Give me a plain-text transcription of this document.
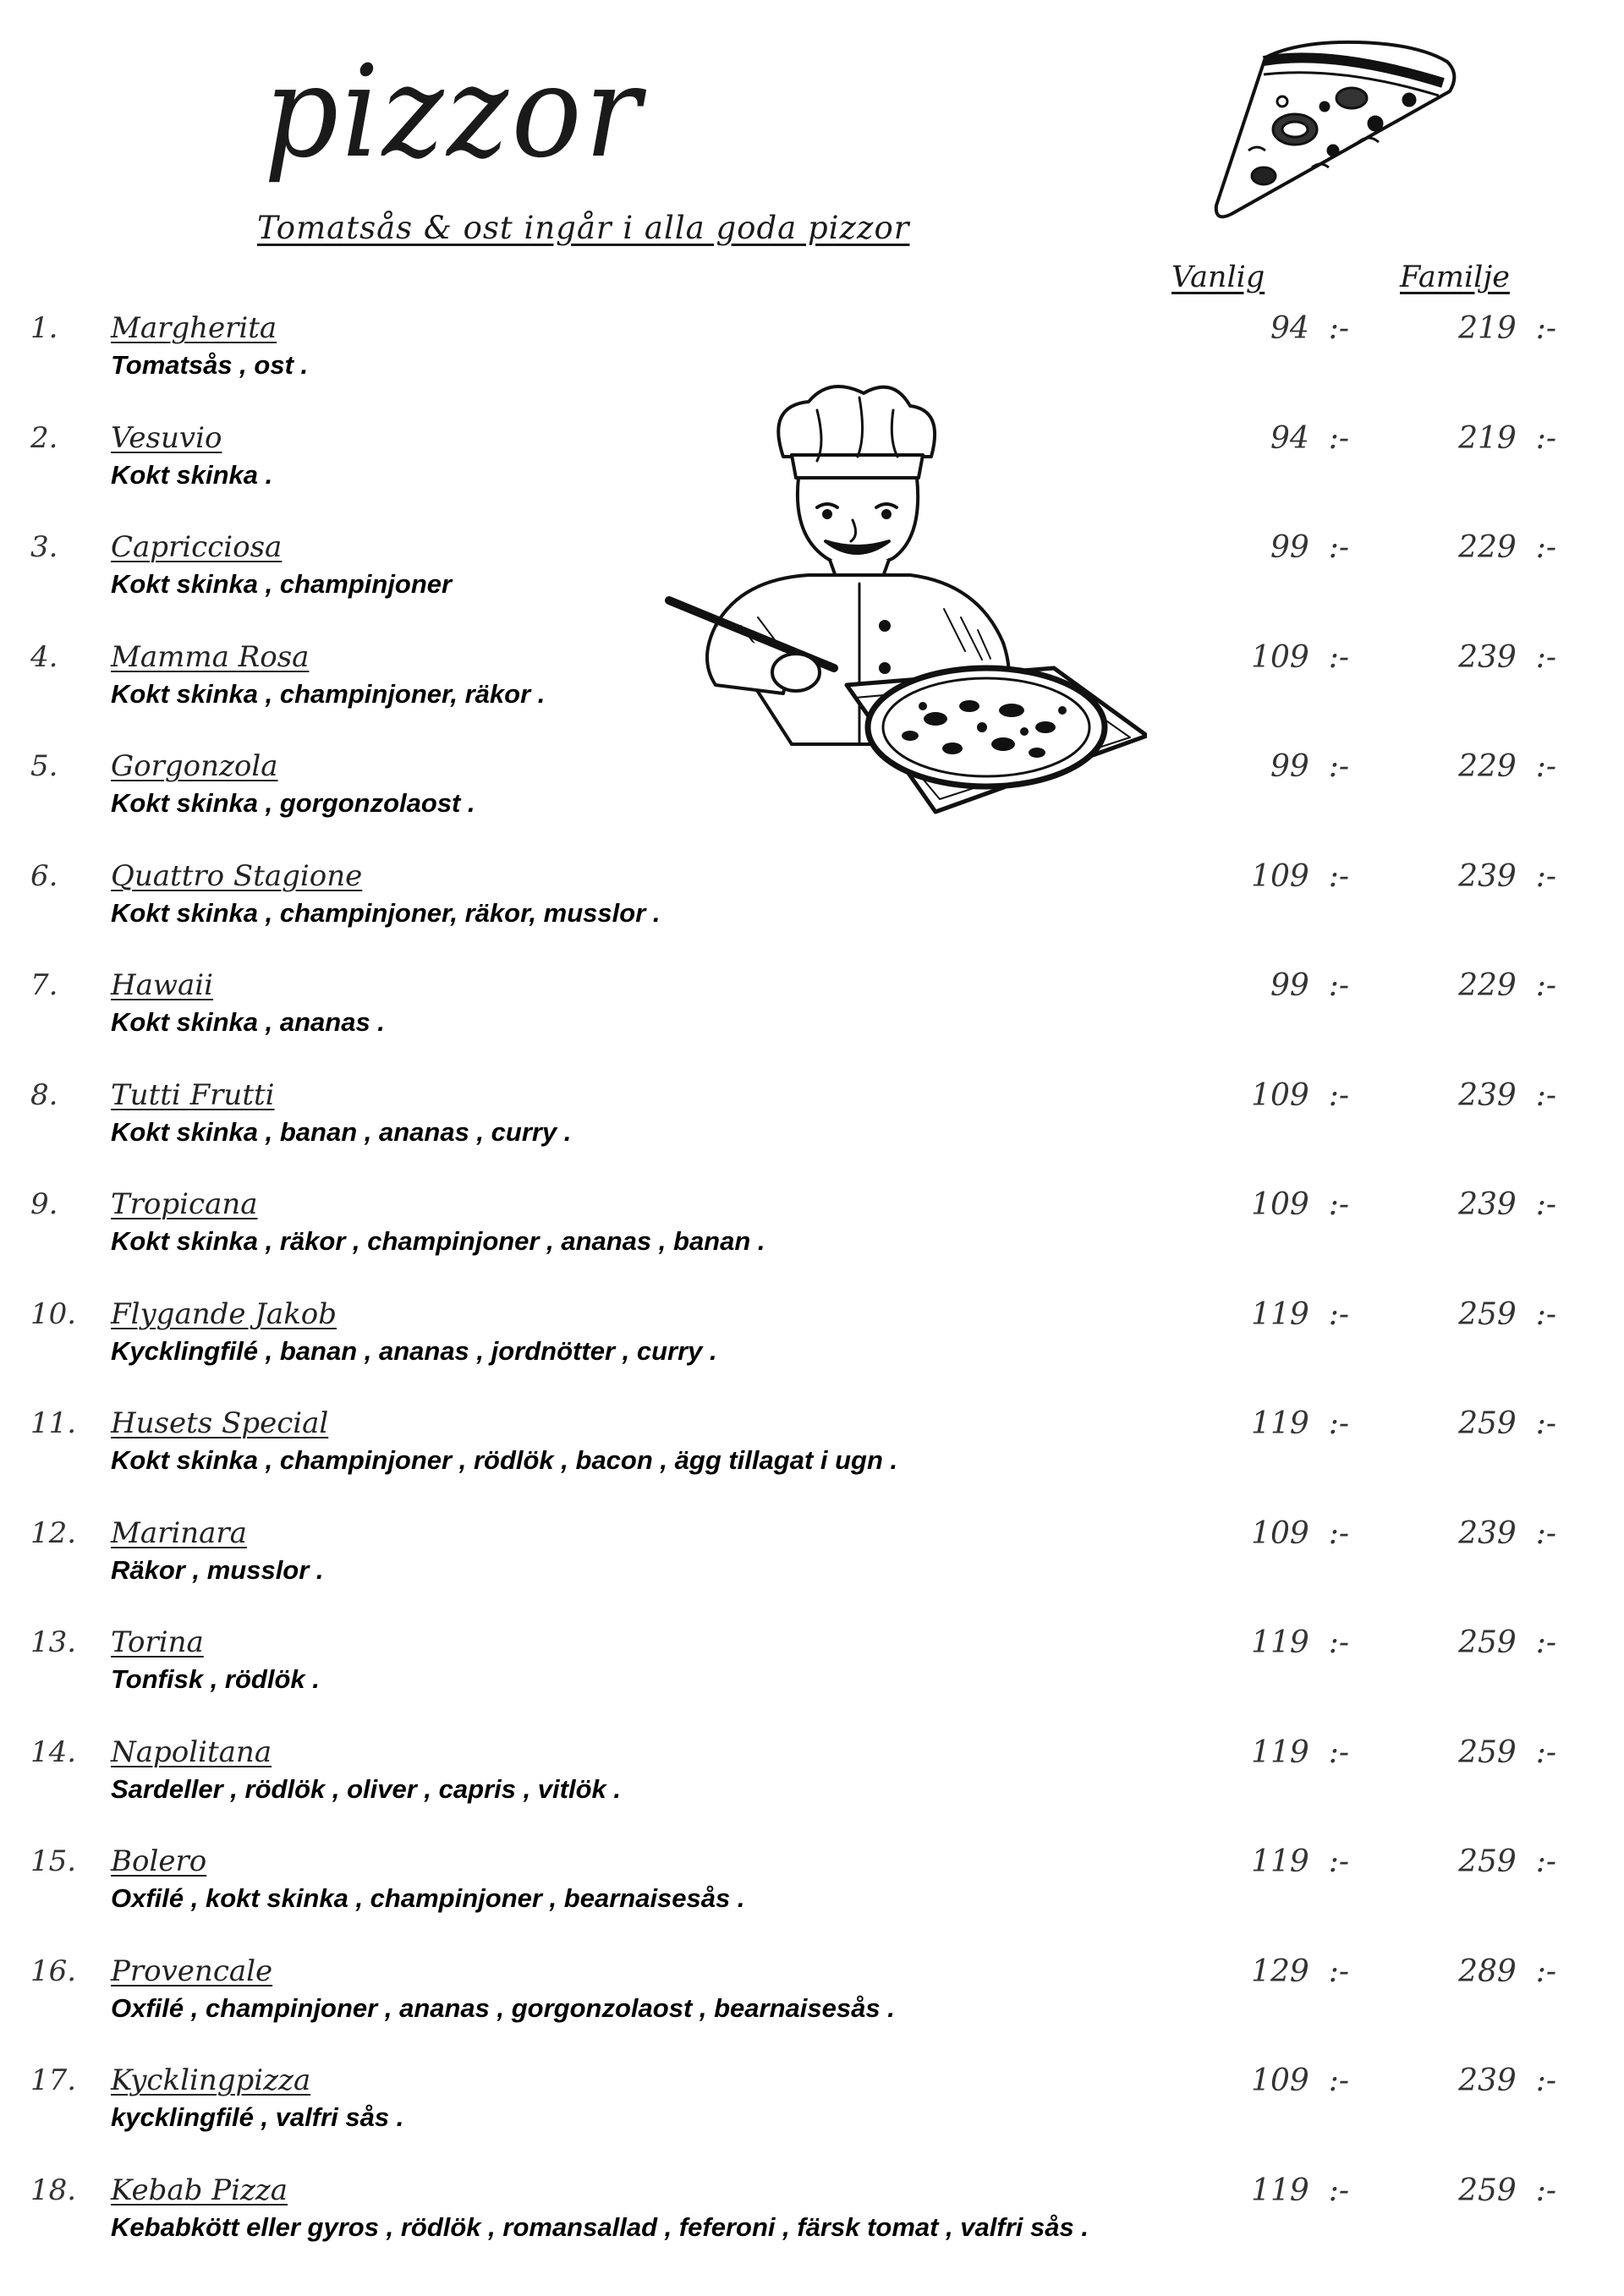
pizzor
Tomatsås & ost ingår i alla goda pizzor
Vanlig	Familje
1. Margherita
Tomatsås , ost .
94 :-	219 :-
2. Vesuvio
Kokt skinka .
94 :-	219 :-
3. Capricciosa
Kokt skinka , champinjoner
99 :-	229 :-
4. Mamma Rosa
Kokt skinka , champinjoner, räkor .
109 :-	239 :-
5. Gorgonzola
Kokt skinka , gorgonzolaost .
99 :-	229 :-
6. Quattro Stagione
Kokt skinka , champinjoner, räkor, musslor .
109 :-	239 :-
7. Hawaii
Kokt skinka , ananas .
99 :-	229 :-
8. Tutti Frutti
Kokt skinka , banan , ananas , curry .
109 :-	239 :-
9. Tropicana
Kokt skinka , räkor , champinjoner , ananas , banan .
109 :-	239 :-
10. Flygande Jakob
Kycklingfilé , banan , ananas , jordnötter , curry .
119 :-	259 :-
11. Husets Special
Kokt skinka , champinjoner , rödlök , bacon , ägg tillagat i ugn .
119 :-	259 :-
12. Marinara
Räkor , musslor .
109 :-	239 :-
13. Torina
Tonfisk , rödlök .
119 :-	259 :-
14. Napolitana
Sardeller , rödlök , oliver , capris , vitlök .
119 :-	259 :-
15. Bolero
Oxfilé , kokt skinka , champinjoner , bearnaisesås .
119 :-	259 :-
16. Provencale
Oxfilé , champinjoner , ananas , gorgonzolaost , bearnaisesås .
129 :-	289 :-
17. Kycklingpizza
kycklingfilé , valfri sås .
109 :-	239 :-
18. Kebab Pizza
Kebabkött eller gyros , rödlök , romansallad , feferoni , färsk tomat , valfri sås .
119 :-	259 :-
